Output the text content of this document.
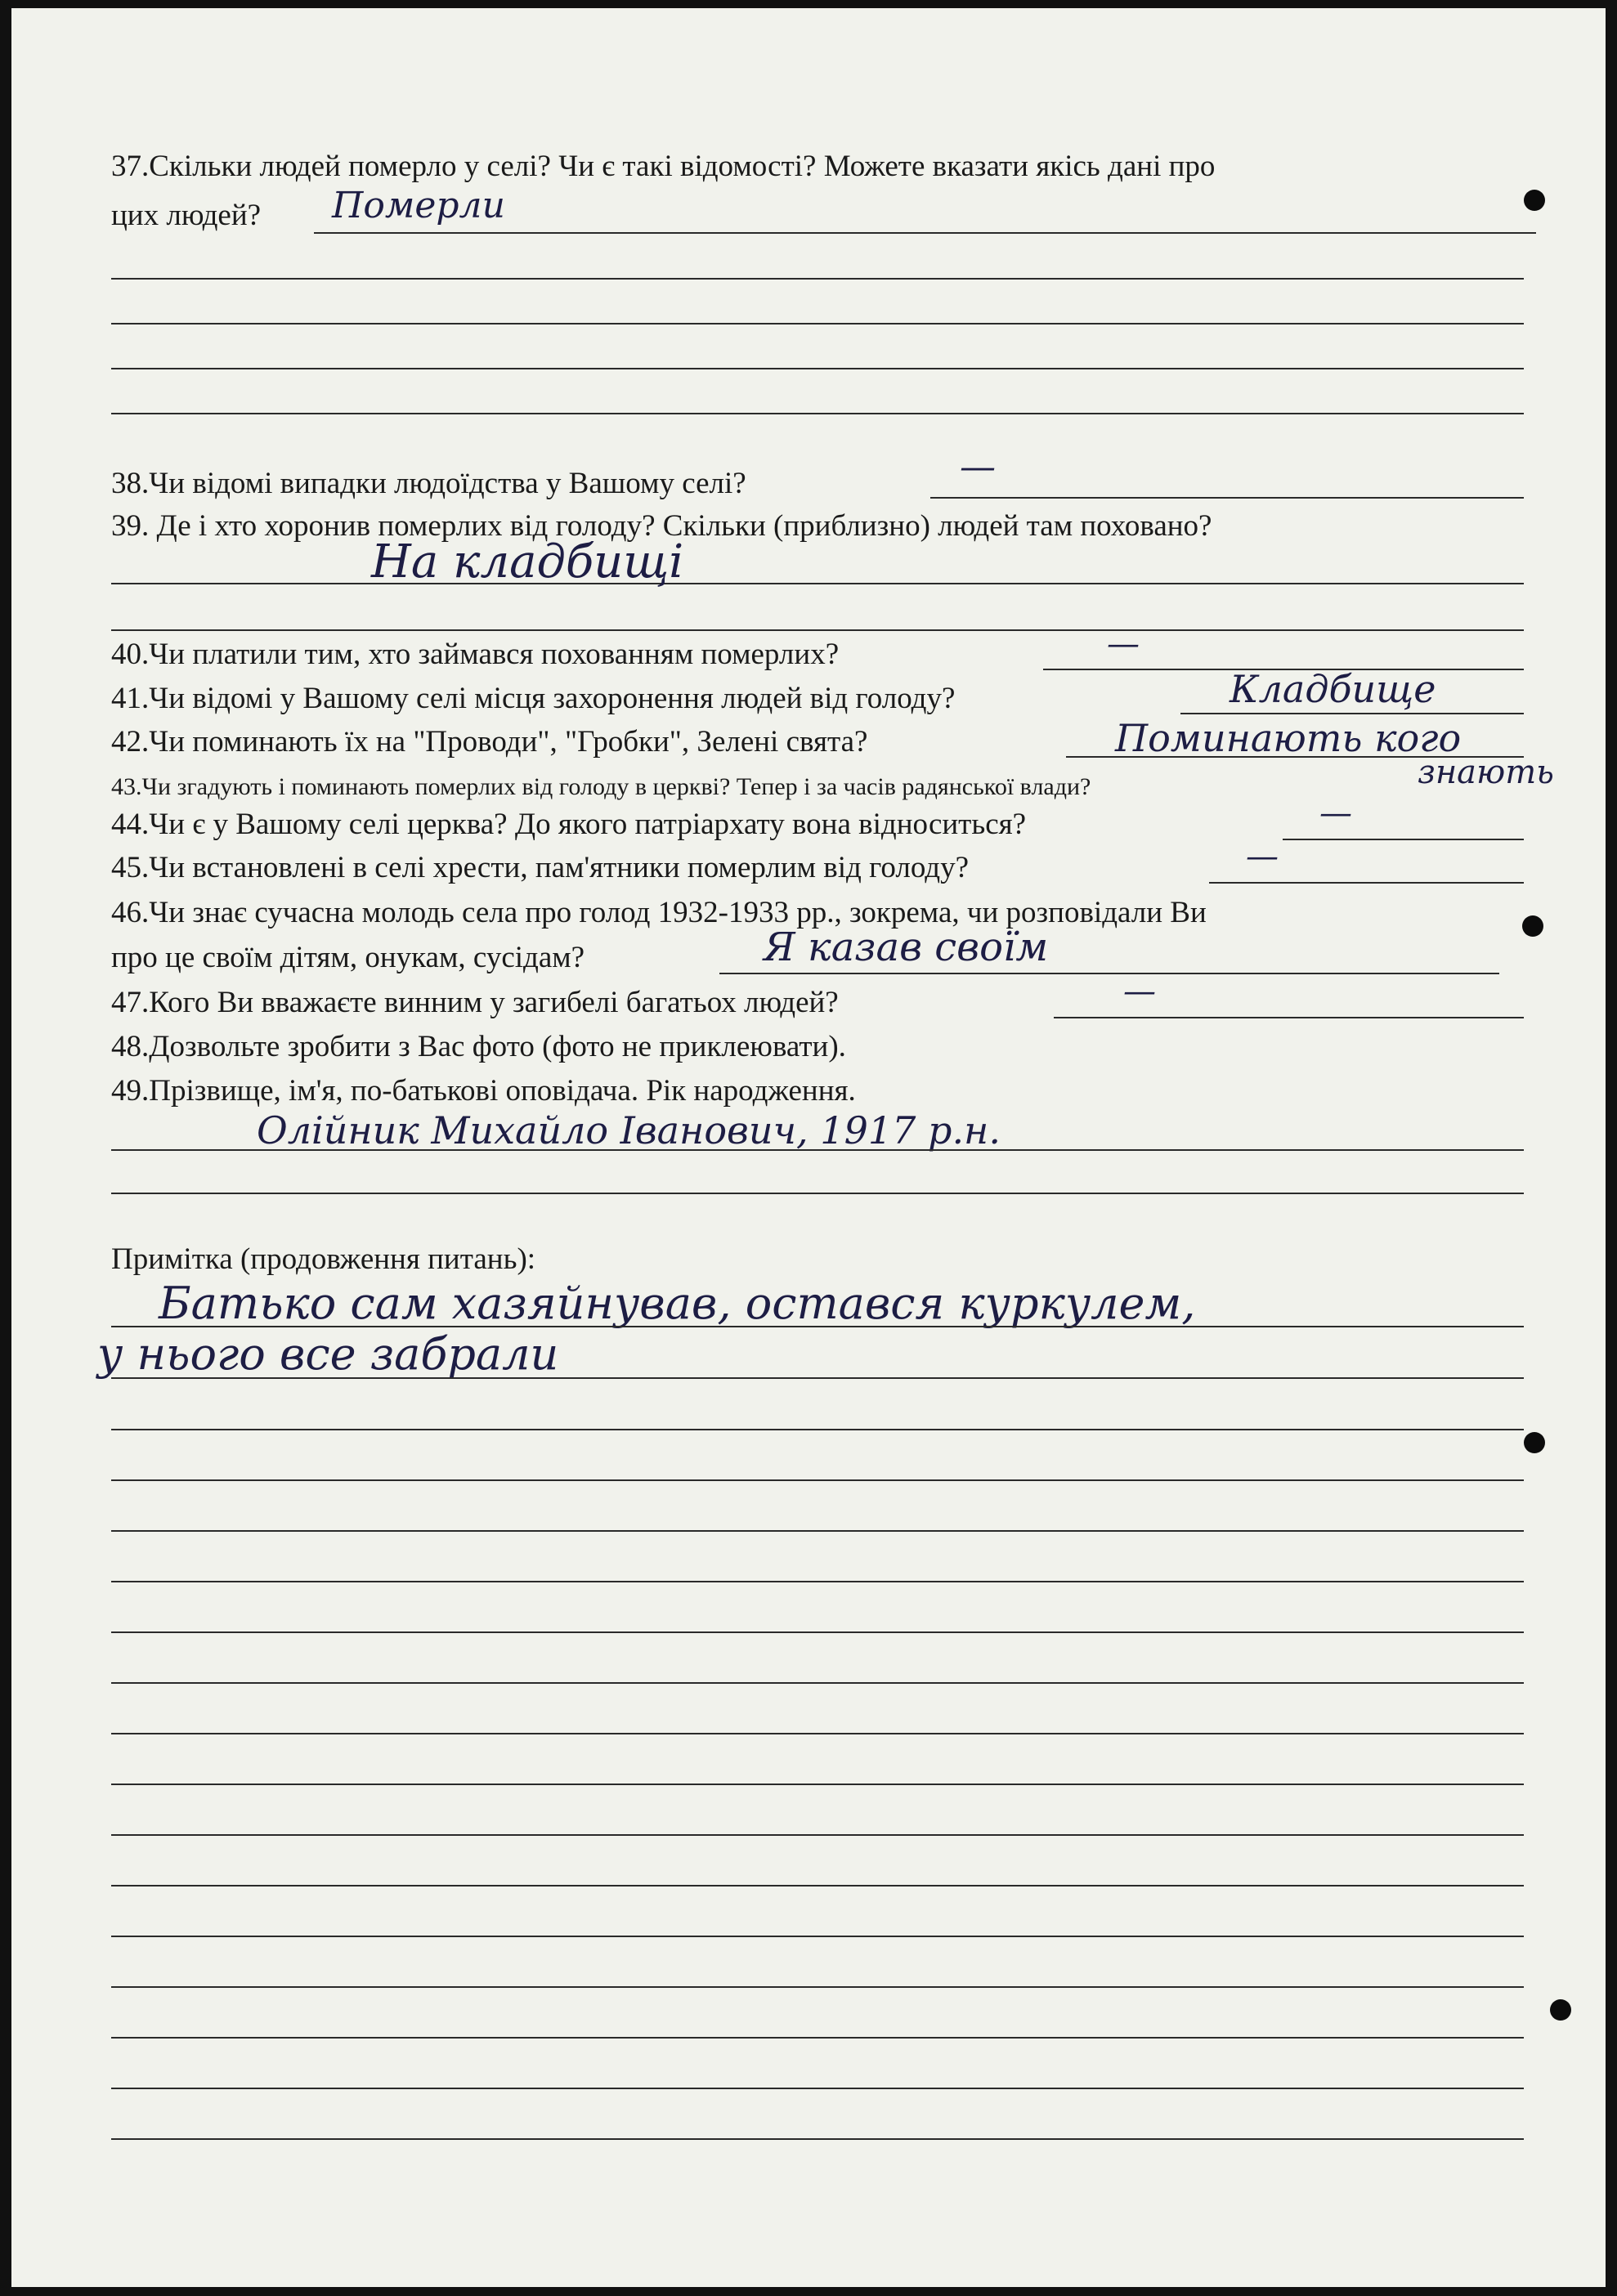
37.Скільки людей померло у селі? Чи є такі відомості? Можете вказати якісь дані про
цих людей? Померли
38.Чи відомі випадки людоїдства у Вашому селі?	—
39. Де і хто хоронив померлих від голоду? Скільки (приблизно) людей там поховано?
На кладбищі
40.Чи платили тим, хто займався похованням померлих?	—
41.Чи відомі у Вашому селі місця захоронення людей від голоду?	Кладбище
42.Чи поминають їх на "Проводи", "Гробки", Зелені свята?	Поминають кого
43.Чи згадують і поминають померлих від голоду в церкві? Тепер і за часів радянської влади?	знають
44.Чи є у Вашому селі церква? До якого патріархату вона відноситься?	—
45.Чи встановлені в селі хрести, пам'ятники померлим від голоду?	—
46.Чи знає сучасна молодь села про голод 1932-1933 рр., зокрема, чи розповідали Ви
про це своїм дітям, онукам, сусідам?	Я казав своїм
47.Кого Ви вважаєте винним у загибелі багатьох людей?	—
48.Дозвольте зробити з Вас фото (фото не приклеювати).
49.Прізвище, ім'я, по-батькові оповідача. Рік народження.
Олійник Михайло Іванович, 1917 р.н.
Примітка (продовження питань):
Батько сам хазяйнував, остався куркулем,
у нього все забрали
